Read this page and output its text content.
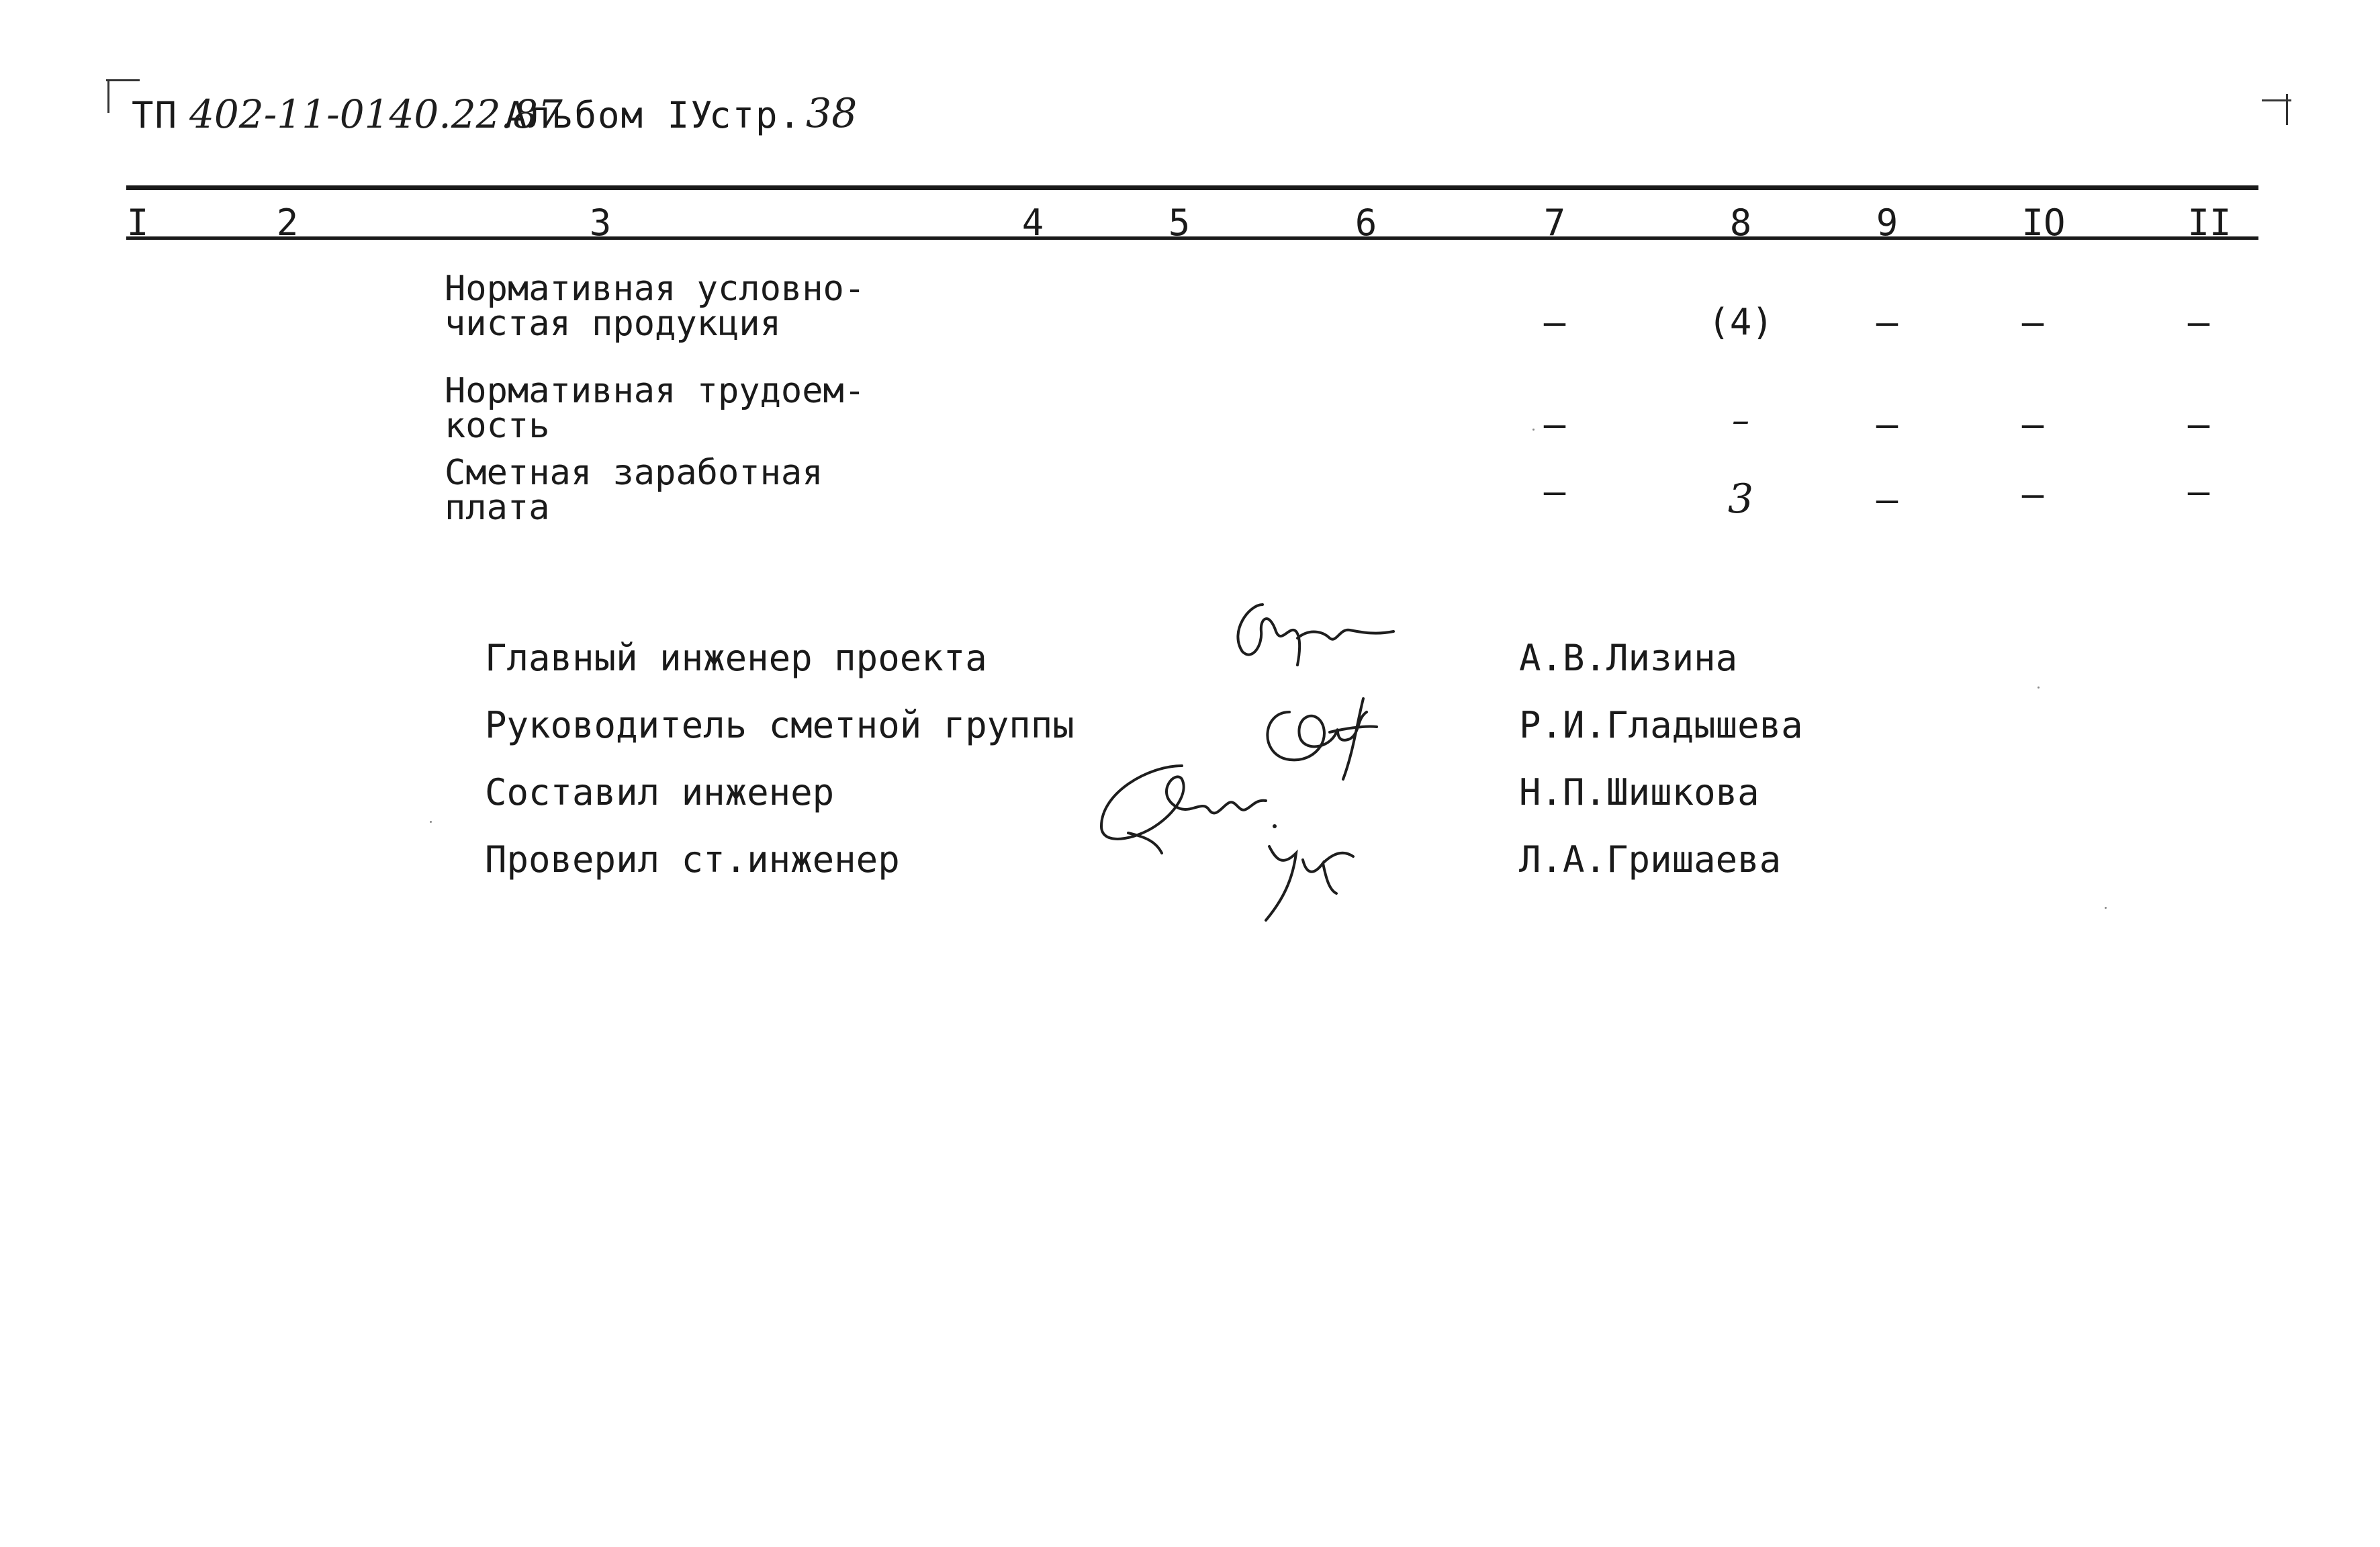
ТП 402-11-0140.22.87
Альбом IУ
стр. 38
I	2	3	4	5	6	7	8	9	IO	II
Нормативная условно-
чистая продукция	–	(4)	–	–	–
Нормативная трудоем-
кость	–	–	–	–	–
Сметная заработная
плата	–	3	–	–	–
Главный инженер проекта	А.В.Лизина
Руководитель сметной группы	Р.И.Гладышева
Составил инженер	Н.П.Шишкова
Проверил ст.инженер	Л.А.Гришаева
